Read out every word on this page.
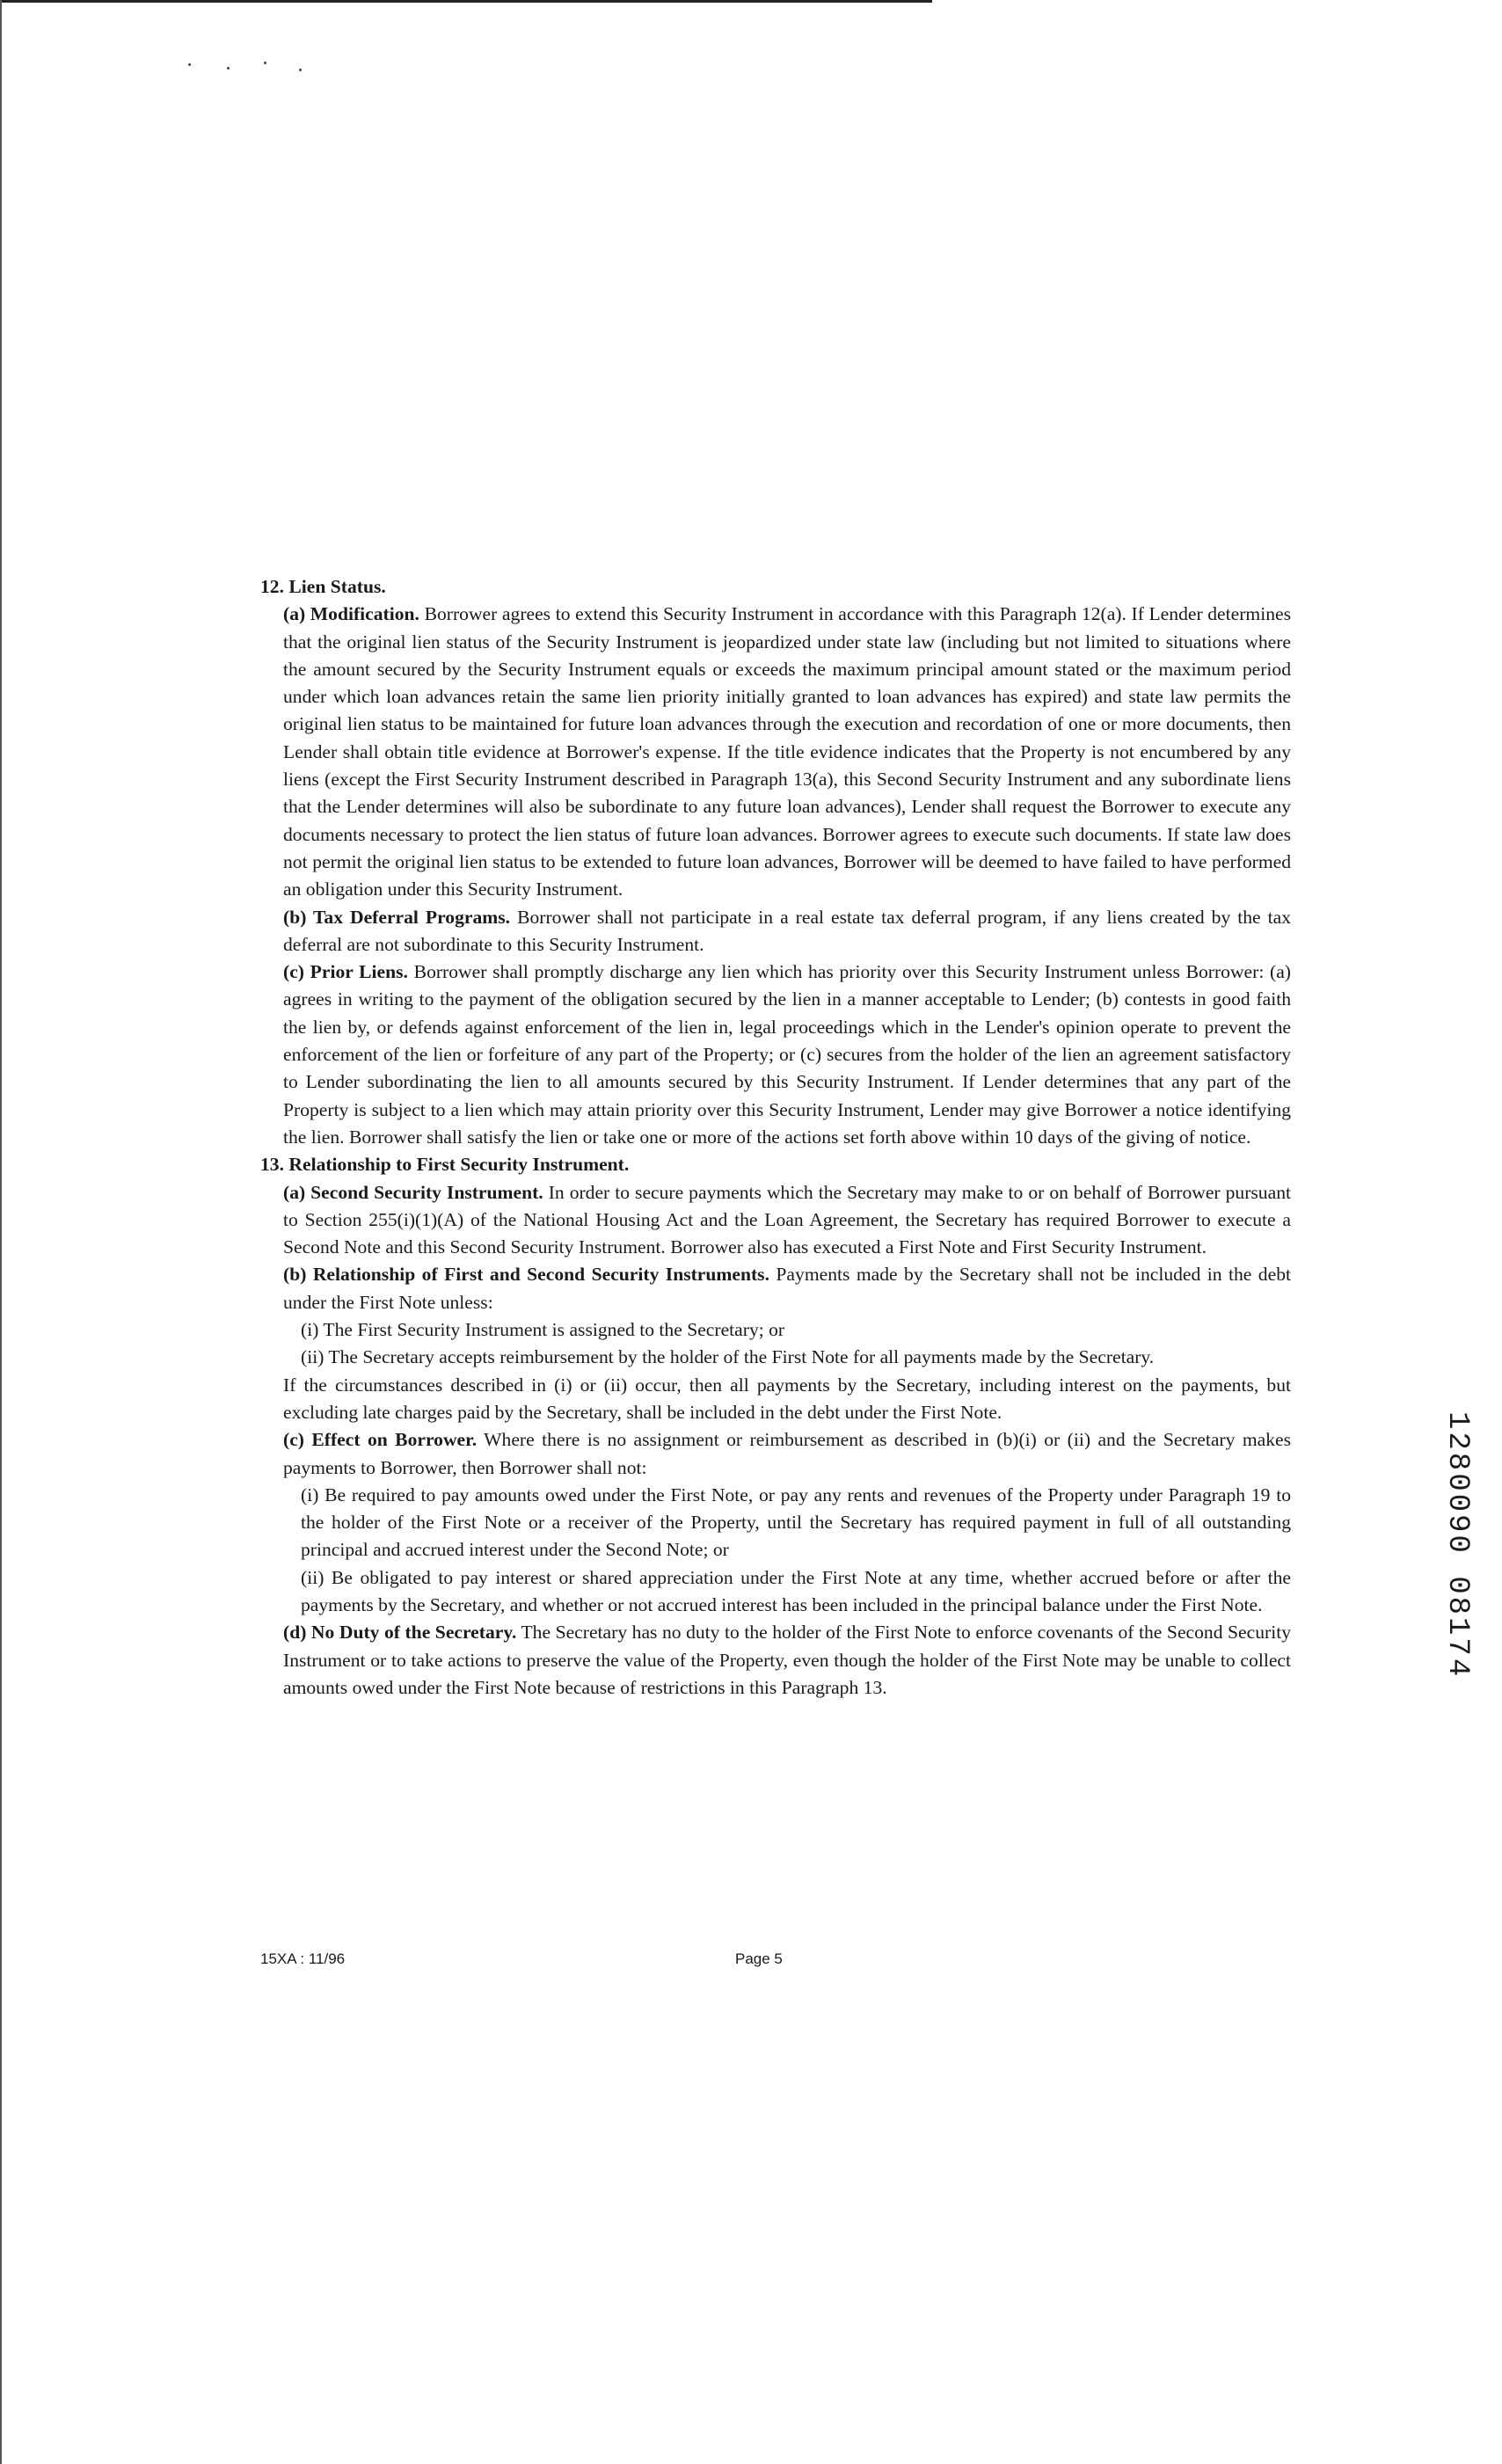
12. Lien Status.

(a) Modification. Borrower agrees to extend this Security Instrument in accordance with this Paragraph 12(a). If Lender determines that the original lien status of the Security Instrument is jeopardized under state law (including but not limited to situations where the amount secured by the Security Instrument equals or exceeds the maximum principal amount stated or the maximum period under which loan advances retain the same lien priority initially granted to loan advances has expired) and state law permits the original lien status to be maintained for future loan advances through the execution and recordation of one or more documents, then Lender shall obtain title evidence at Borrower's expense. If the title evidence indicates that the Property is not encumbered by any liens (except the First Security Instrument described in Paragraph 13(a), this Second Security Instrument and any subordinate liens that the Lender determines will also be subordinate to any future loan advances), Lender shall request the Borrower to execute any documents necessary to protect the lien status of future loan advances. Borrower agrees to execute such documents. If state law does not permit the original lien status to be extended to future loan advances, Borrower will be deemed to have failed to have performed an obligation under this Security Instrument.

(b) Tax Deferral Programs. Borrower shall not participate in a real estate tax deferral program, if any liens created by the tax deferral are not subordinate to this Security Instrument.

(c) Prior Liens. Borrower shall promptly discharge any lien which has priority over this Security Instrument unless Borrower: (a) agrees in writing to the payment of the obligation secured by the lien in a manner acceptable to Lender; (b) contests in good faith the lien by, or defends against enforcement of the lien in, legal proceedings which in the Lender's opinion operate to prevent the enforcement of the lien or forfeiture of any part of the Property; or (c) secures from the holder of the lien an agreement satisfactory to Lender subordinating the lien to all amounts secured by this Security Instrument. If Lender determines that any part of the Property is subject to a lien which may attain priority over this Security Instrument, Lender may give Borrower a notice identifying the lien. Borrower shall satisfy the lien or take one or more of the actions set forth above within 10 days of the giving of notice.

13. Relationship to First Security Instrument.

(a) Second Security Instrument. In order to secure payments which the Secretary may make to or on behalf of Borrower pursuant to Section 255(i)(1)(A) of the National Housing Act and the Loan Agreement, the Secretary has required Borrower to execute a Second Note and this Second Security Instrument. Borrower also has executed a First Note and First Security Instrument.

(b) Relationship of First and Second Security Instruments. Payments made by the Secretary shall not be included in the debt under the First Note unless:

(i) The First Security Instrument is assigned to the Secretary; or

(ii) The Secretary accepts reimbursement by the holder of the First Note for all payments made by the Secretary.

If the circumstances described in (i) or (ii) occur, then all payments by the Secretary, including interest on the payments, but excluding late charges paid by the Secretary, shall be included in the debt under the First Note.

(c) Effect on Borrower. Where there is no assignment or reimbursement as described in (b)(i) or (ii) and the Secretary makes payments to Borrower, then Borrower shall not:

(i) Be required to pay amounts owed under the First Note, or pay any rents and revenues of the Property under Paragraph 19 to the holder of the First Note or a receiver of the Property, until the Secretary has required payment in full of all outstanding principal and accrued interest under the Second Note; or

(ii) Be obligated to pay interest or shared appreciation under the First Note at any time, whether accrued before or after the payments by the Secretary, and whether or not accrued interest has been included in the principal balance under the First Note.

(d) No Duty of the Secretary. The Secretary has no duty to the holder of the First Note to enforce covenants of the Second Security Instrument or to take actions to preserve the value of the Property, even though the holder of the First Note may be unable to collect amounts owed under the First Note because of restrictions in this Paragraph 13.

15XA : 11/96	Page 5
1280090 08174
